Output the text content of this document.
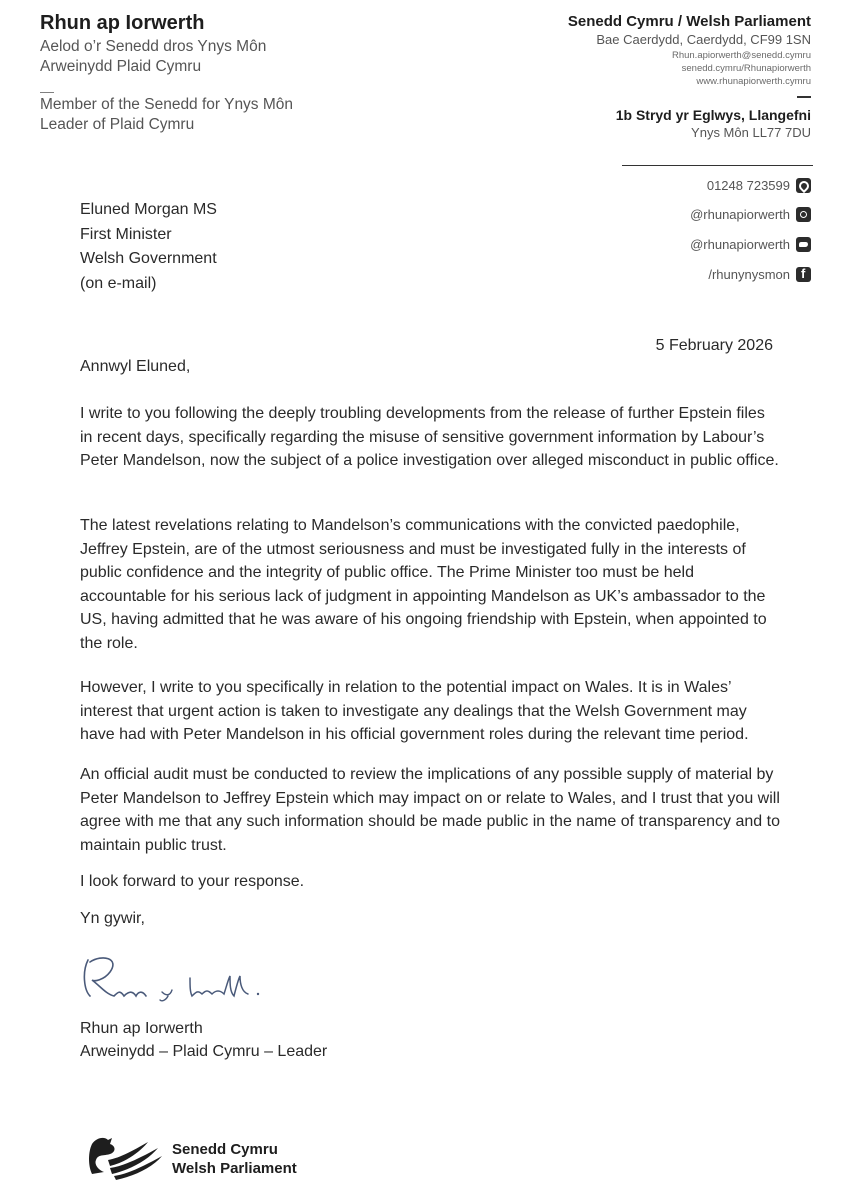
Rhun ap Iorwerth
Aelod o’r Senedd dros Ynys Môn
Arweinydd Plaid Cymru
—
Member of the Senedd for Ynys Môn
Leader of Plaid Cymru
Senedd Cymru / Welsh Parliament
Bae Caerdydd, Caerdydd, CF99 1SN
Rhun.apiorwerth@senedd.cymru
senedd.cymru/Rhunapiorwerth
www.rhunapiorwerth.cymru
1b Stryd yr Eglwys, Llangefni
Ynys Môn LL77 7DU
01248 723599
@rhunapiorwerth
@rhunapiorwerth
/rhunynysmon
f
Eluned Morgan MS
First Minister
Welsh Government
(on e-mail)
5 February 2026
Annwyl Eluned,

I write to you following the deeply troubling developments from the release of further Epstein files in recent days, specifically regarding the misuse of sensitive government information by Labour’s Peter Mandelson, now the subject of a police investigation over alleged misconduct in public office.

The latest revelations relating to Mandelson’s communications with the convicted paedophile, Jeffrey Epstein, are of the utmost seriousness and must be investigated fully in the interests of public confidence and the integrity of public office. The Prime Minister too must be held accountable for his serious lack of judgment in appointing Mandelson as UK’s ambassador to the US, having admitted that he was aware of his ongoing friendship with Epstein, when appointed to the role.

However, I write to you specifically in relation to the potential impact on Wales. It is in Wales’ interest that urgent action is taken to investigate any dealings that the Welsh Government may have had with Peter Mandelson in his official government roles during the relevant time period.

An official audit must be conducted to review the implications of any possible supply of material by Peter Mandelson to Jeffrey Epstein which may impact on or relate to Wales, and I trust that you will agree with me that any such information should be made public in the name of transparency and to maintain public trust.

I look forward to your response.
Yn gywir,
Rhun ap Iorwerth
Arweinydd – Plaid Cymru – Leader
Senedd Cymru
Welsh Parliament
